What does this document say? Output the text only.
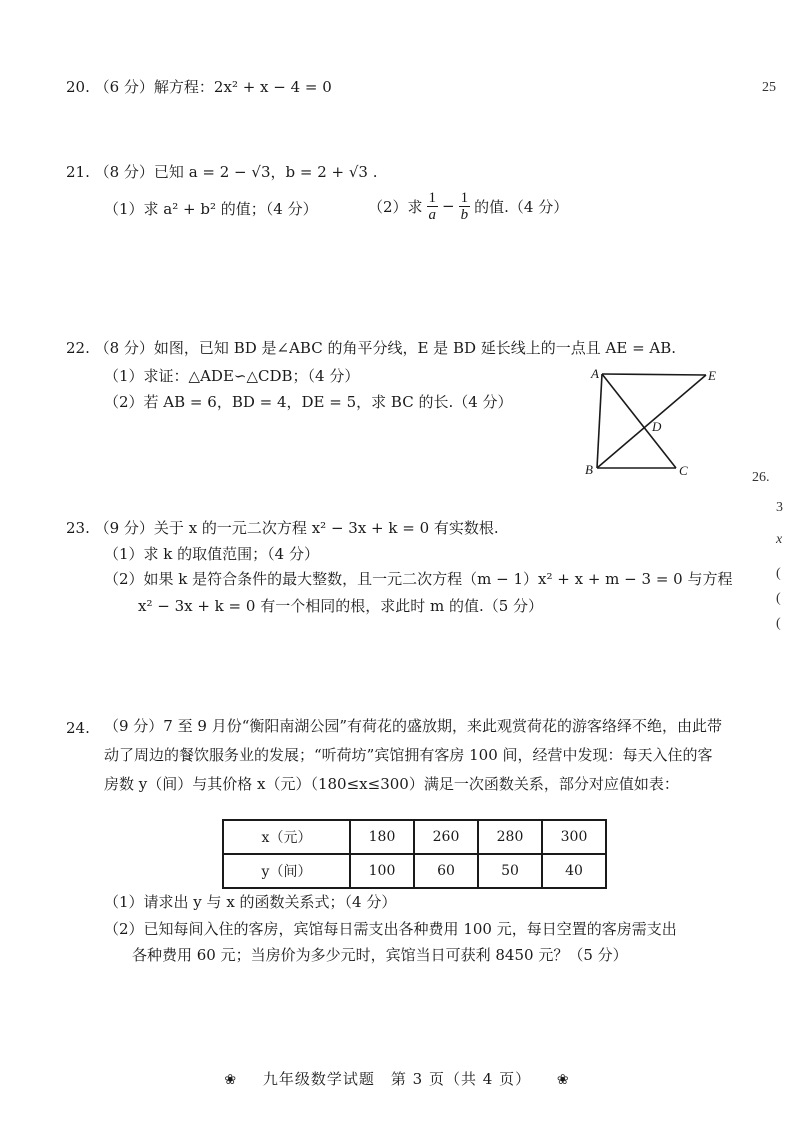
25
20. （6 分）解方程：2x² + x − 4 = 0
21. （8 分）已知 a = 2 − √3，b = 2 + √3 .
（1）求 a² + b² 的值；（4 分）	（2）求 $\frac{1}{a} - \frac{1}{b}$ 的值.（4 分）
22. （8 分）如图，已知 BD 是∠ABC 的角平分线，E 是 BD 延长线上的一点且 AE = AB.
（1）求证：△ADE∽△CDB；（4 分）
（2）若 AB = 6，BD = 4，DE = 5，求 BC 的长.（4 分）
A	E
D
B	C
23. （9 分）关于 x 的一元二次方程 x² − 3x + k = 0 有实数根.
（1）求 k 的取值范围；（4 分）
（2）如果 k 是符合条件的最大整数，且一元二次方程（m − 1）x² + x + m − 3 = 0 与方程
x² − 3x + k = 0 有一个相同的根，求此时 m 的值.（5 分）
24. （9 分）7 至 9 月份“衡阳南湖公园”有荷花的盛放期，来此观赏荷花的游客络绎不绝，由此带动了周边的餐饮服务业的发展；“听荷坊”宾馆拥有客房 100 间，经营中发现：每天入住的客房数 y（间）与其价格 x（元）（180≤x≤300）满足一次函数关系，部分对应值如表：
x（元）	180	260	280	300
y（间）	100	60	50	40
（1）请求出 y 与 x 的函数关系式；（4 分）
（2）已知每间入住的客房，宾馆每日需支出各种费用 100 元，每日空置的客房需支出
各种费用 60 元；当房价为多少元时，宾馆当日可获利 8450 元？（5 分）
❀ 九年级数学试题　第 3 页（共 4 页） ❀
26.
3
x
(
(
(
